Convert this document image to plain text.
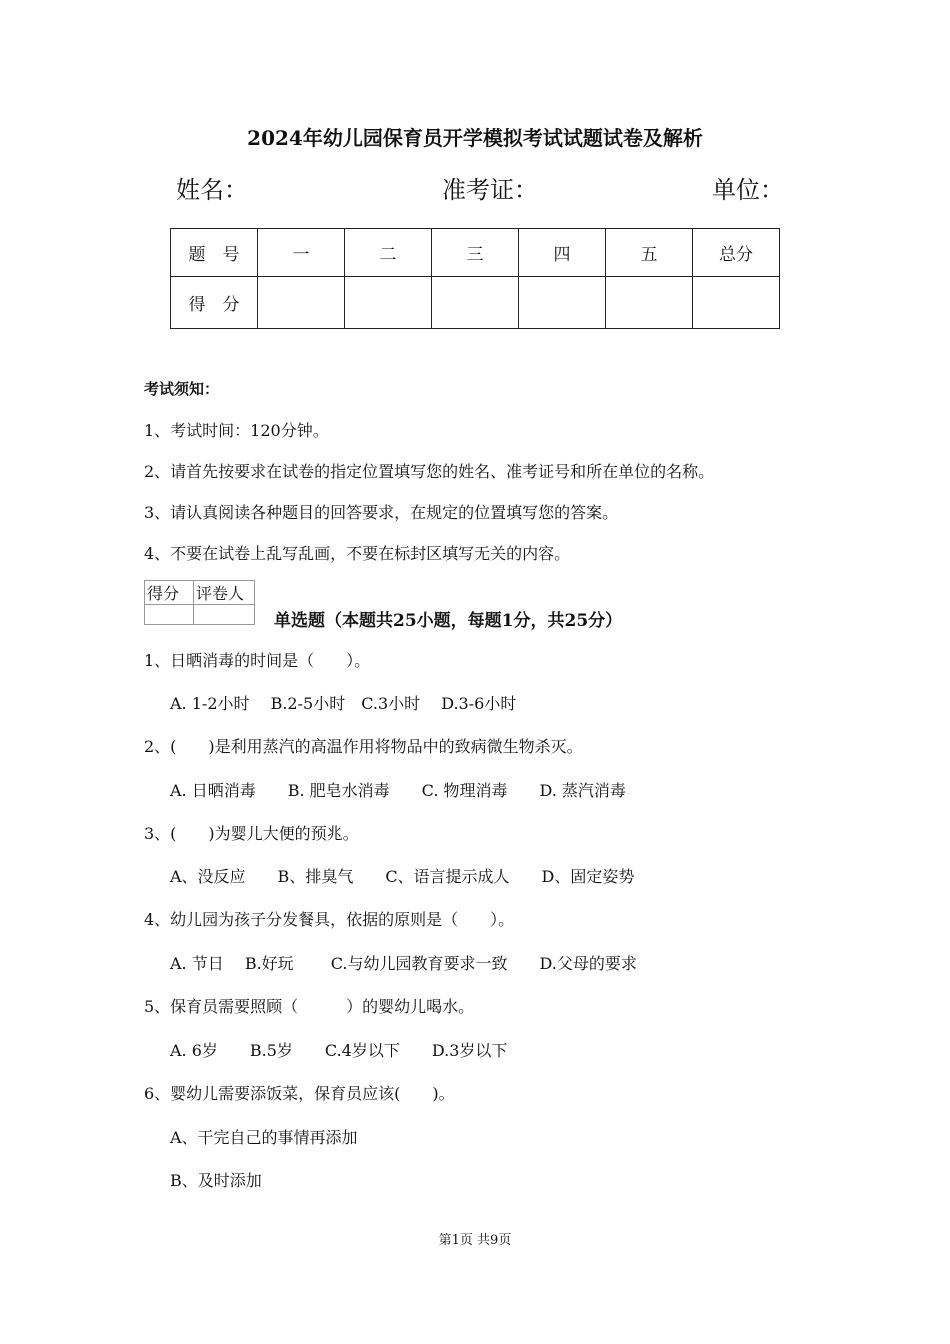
2024年幼儿园保育员开学模拟考试试题试卷及解析
姓名：	准考证：	单位：
题　号	一	二	三	四	五	总分
得　分						
考试须知：
1、考试时间：120分钟。
2、请首先按要求在试卷的指定位置填写您的姓名、准考证号和所在单位的名称。
3、请认真阅读各种题目的回答要求，在规定的位置填写您的答案。
4、不要在试卷上乱写乱画，不要在标封区填写无关的内容。
得分	评卷人

单选题（本题共25小题，每题1分，共25分）
1、日晒消毒的时间是（　　）。
A. 1-2小时　 B.2-5小时　C.3小时　 D.3-6小时
2、(　　)是利用蒸汽的高温作用将物品中的致病微生物杀灭。
A. 日晒消毒　　B. 肥皂水消毒　　C. 物理消毒　　D. 蒸汽消毒
3、(　　)为婴儿大便的预兆。
A、没反应　　B、排臭气　　C、语言提示成人　　D、固定姿势
4、幼儿园为孩子分发餐具，依据的原则是（　　）。
A. 节日　 B.好玩　　 C.与幼儿园教育要求一致　　D.父母的要求
5、保育员需要照顾（　　　）的婴幼儿喝水。
A. 6岁　　B.5岁　　C.4岁以下　　D.3岁以下
6、婴幼儿需要添饭菜，保育员应该(　　)。
A、干完自己的事情再添加
B、及时添加
第1页 共9页
